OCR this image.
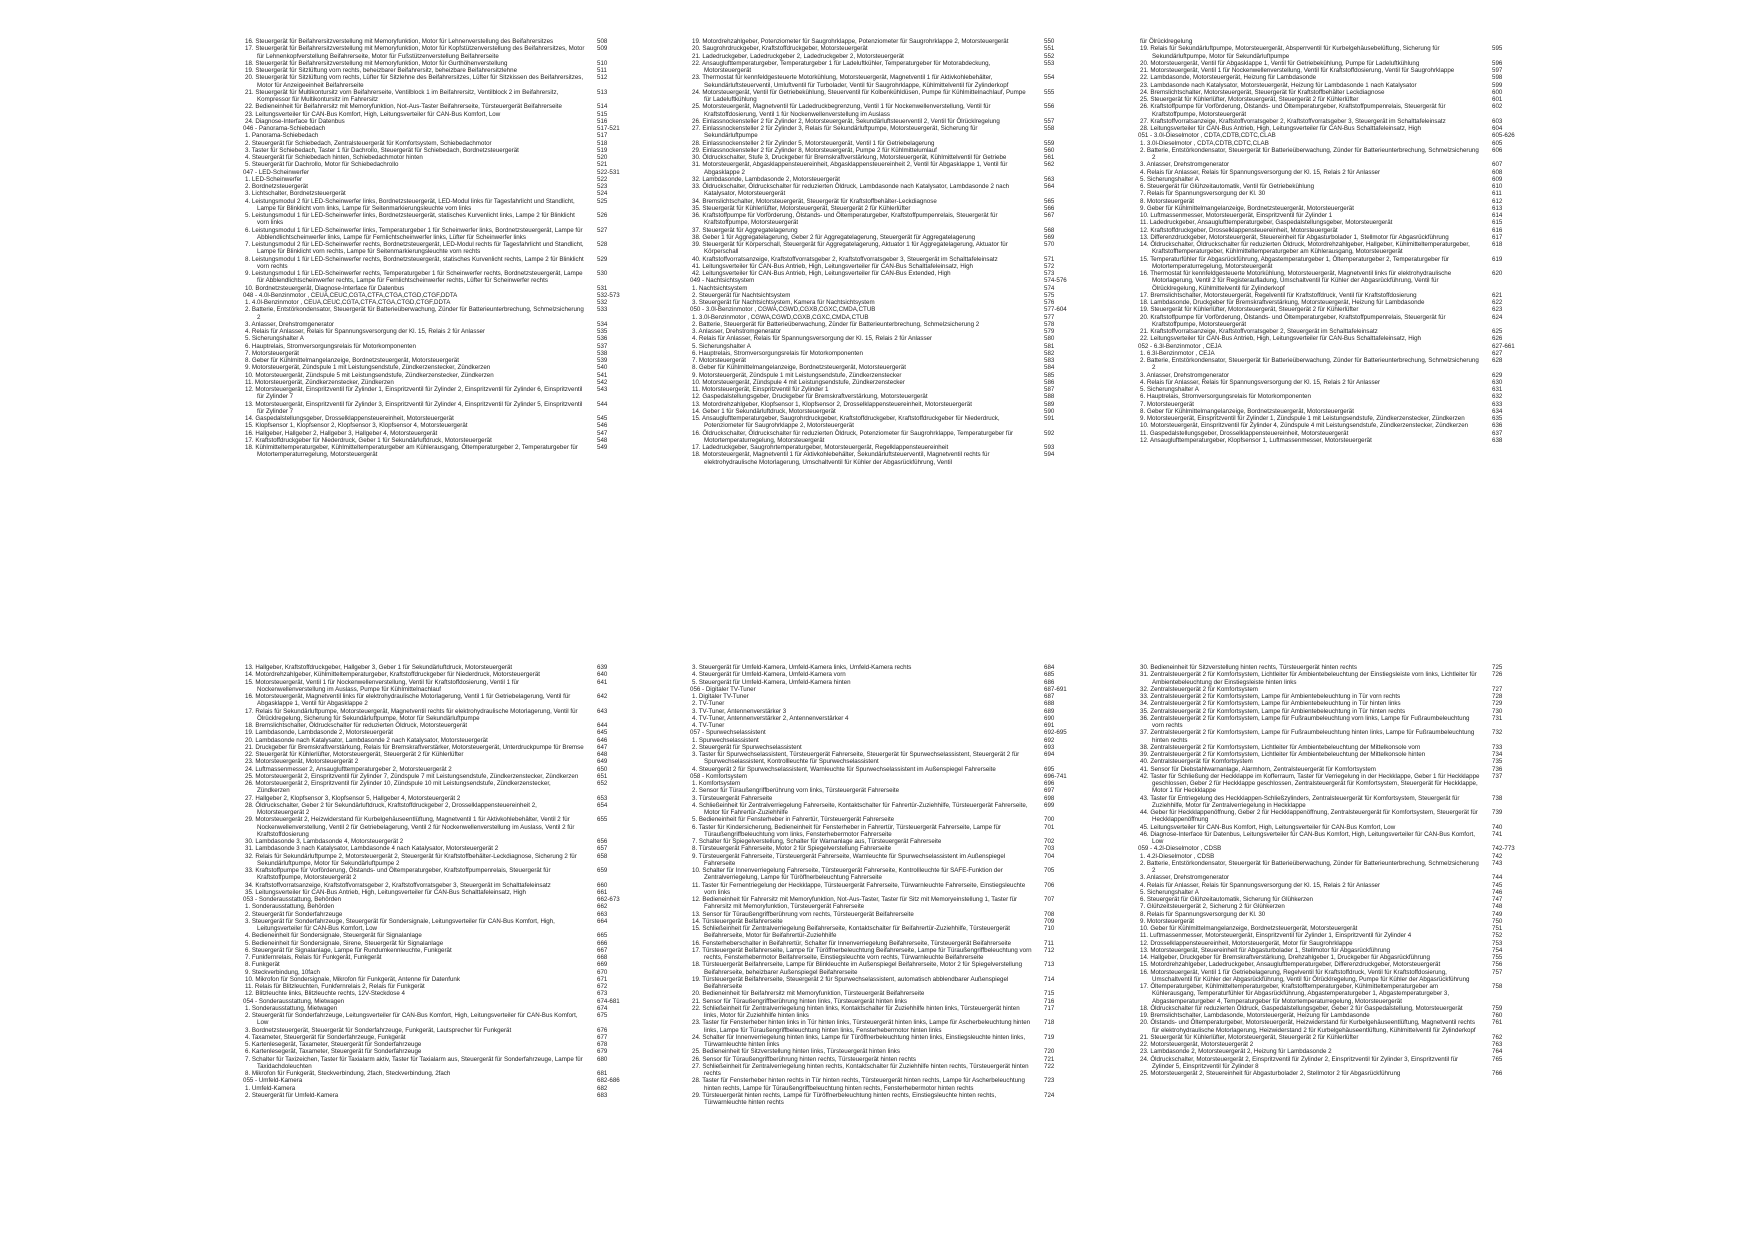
16. Steuergerät für Beifahrersitzverstellung mit Memoryfunktion, Motor für Lehnenverstellung des Beifahrersitzes	508
17. Steuergerät für Beifahrersitzverstellung mit Memoryfunktion, Motor für Kopfstützenverstellung des Beifahrersitzes, Motor für Lehnenkopfverstellung Beifahrerseite, Motor für Fußstützenverstellung Beifahrerseite
509
18. Steuergerät für Beifahrersitzverstellung mit Memoryfunktion, Motor für Gurthöhenverstellung	510
19. Steuergerät für Sitzlüftung vorn rechts, beheizbarer Beifahrersitz, beheizbare Beifahrersitzlehne	511
20. Steuergerät für Sitzlüftung vorn rechts, Lüfter für Sitzlehne des Beifahrersitzes, Lüfter für Sitzkissen des Beifahrersitzes, Motor für Anzeigeeinheit Beifahrerseite
512
21. Steuergerät für Multikontursitz vorn Beifahrerseite, Ventilblock 1 im Beifahrersitz, Ventilblock 2 im Beifahrersitz, Kompressor für Multikontursitz im Fahrersitz
513
22. Bedieneinheit für Beifahrersitz mit Memoryfunktion, Not-Aus-Taster Beifahrerseite, Türsteuergerät Beifahrerseite	514
23. Leitungsverteiler für CAN-Bus Komfort, High, Leitungsverteiler für CAN-Bus Komfort, Low	515
24. Diagnose-Interface für Datenbus	516
046 - Panorama-Schiebedach	517-521
1. Panorama-Schiebedach	517
2. Steuergerät für Schiebedach, Zentralsteuergerät für Komfortsystem, Schiebedachmotor	518
3. Taster für Schiebedach, Taster 1 für Dachrollo, Steuergerät für Schiebedach, Bordnetzsteuergerät	519
4. Steuergerät für Schiebedach hinten, Schiebedachmotor hinten	520
5. Steuergerät für Dachrollo, Motor für Schiebedachrollo	521
047 - LED-Scheinwerfer	522-531
1. LED-Scheinwerfer	522
2. Bordnetzsteuergerät	523
3. Lichtschalter, Bordnetzsteuergerät	524
4. Leistungsmodul 2 für LED-Scheinwerfer links, Bordnetzsteuergerät, LED-Modul links für Tagesfahrlicht und Standlicht, Lampe für Blinklicht vorn links, Lampe für Seitenmarkierungsleuchte vorn links
525
5. Leistungsmodul 1 für LED-Scheinwerfer links, Bordnetzsteuergerät, statisches Kurvenlicht links, Lampe 2 für Blinklicht vorn links
526
6. Leistungsmodul 1 für LED-Scheinwerfer links, Temperaturgeber 1 für Scheinwerfer links, Bordnetzsteuergerät, Lampe für Abblendlichtscheinwerfer links, Lampe für Fernlichtscheinwerfer links, Lüfter für Scheinwerfer links
527
7. Leistungsmodul 2 für LED-Scheinwerfer rechts, Bordnetzsteuergerät, LED-Modul rechts für Tagesfahrlicht und Standlicht, Lampe für Blinklicht vorn rechts, Lampe für Seitenmarkierungsleuchte vorn rechts
528
8. Leistungsmodul 1 für LED-Scheinwerfer rechts, Bordnetzsteuergerät, statisches Kurvenlicht rechts, Lampe 2 für Blinklicht vorn rechts
529
9. Leistungsmodul 1 für LED-Scheinwerfer rechts, Temperaturgeber 1 für Scheinwerfer rechts, Bordnetzsteuergerät, Lampe für Abblendlichtscheinwerfer rechts, Lampe für Fernlichtscheinwerfer rechts, Lüfter für Scheinwerfer rechts
530
10. Bordnetzsteuergerät, Diagnose-Interface für Datenbus	531
048 - 4.0l-Benzinmotor , CEUA,CEUC,CGTA,CTFA,CTGA,CTGD,CTGF,DDTA	532-573
1. 4.0l-Benzinmotor , CEUA,CEUC,CGTA,CTFA,CTGA,CTGD,CTGF,DDTA	532
2. Batterie, Entstörkondensator, Steuergerät für Batterieüberwachung, Zünder für Batterieunterbrechung, Schmelzsicherung 2
533
3. Anlasser, Drehstromgenerator	534
4. Relais für Anlasser, Relais für Spannungsversorgung der Kl. 15, Relais 2 für Anlasser	535
5. Sicherungshalter A	536
6. Hauptrelais, Stromversorgungsrelais für Motorkomponenten	537
7. Motorsteuergerät	538
8. Geber für Kühlmittelmangelanzeige, Bordnetzsteuergerät, Motorsteuergerät	539
9. Motorsteuergerät, Zündspule 1 mit Leistungsendstufe, Zündkerzenstecker, Zündkerzen	540
10. Motorsteuergerät, Zündspule 5 mit Leistungsendstufe, Zündkerzenstecker, Zündkerzen	541
11. Motorsteuergerät, Zündkerzenstecker, Zündkerzen	542
12. Motorsteuergerät, Einspritzventil für Zylinder 1, Einspritzventil für Zylinder 2, Einspritzventil für Zylinder 6, Einspritzventil für Zylinder 7
543
13. Motorsteuergerät, Einspritzventil für Zylinder 3, Einspritzventil für Zylinder 4, Einspritzventil für Zylinder 5, Einspritzventil für Zylinder 7
544
14. Gaspedalstellungsgeber, Drosselklappensteuereinheit, Motorsteuergerät	545
15. Klopfsensor 1, Klopfsensor 2, Klopfsensor 3, Klopfsensor 4, Motorsteuergerät	546
16. Hallgeber, Hallgeber 2, Hallgeber 3, Hallgeber 4, Motorsteuergerät	547
17. Kraftstoffdruckgeber für Niederdruck, Geber 1 für Sekundärluftdruck, Motorsteuergerät	548
18. Kühlmitteltemperaturgeber, Kühlmitteltemperaturgeber am Kühlerausgang, Öltemperaturgeber 2, Temperaturgeber für Motortemperaturregelung, Motorsteuergerät
549
19. Motordrehzahlgeber, Potenziometer für Saugrohrklappe, Potenziometer für Saugrohrklappe 2, Motorsteuergerät	550
20. Saugrohrdruckgeber, Kraftstoffdruckgeber, Motorsteuergerät	551
21. Ladedruckgeber, Ladedruckgeber 2, Ladedruckgeber 2, Motorsteuergerät	552
22. Ansauglufttemperaturgeber, Temperaturgeber 1 für Ladeluftkühler, Temperaturgeber für Motorabdeckung, Motorsteuergerät
553
23. Thermostat für kennfeldgesteuerte Motorkühlung, Motorsteuergerät, Magnetventil 1 für Aktivkohlebehälter, Sekundärluftsteuerventil, Umluftventil für Turbolader, Ventil für Saugrohrklappe, Kühlmittelventil für Zylinderkopf
554
24. Motorsteuergerät, Ventil für Getriebekühlung, Steuerventil für Kolbenkühldüsen, Pumpe für Kühlmittelnachlauf, Pumpe für Ladeluftkühlung
555
25. Motorsteuergerät, Magnetventil für Ladedruckbegrenzung, Ventil 1 für Nockenwellenverstellung, Ventil für Kraftstoffdosierung, Ventil 1 für Nockenwellenverstellung im Auslass
556
26. Einlassnockensteller 2 für Zylinder 2, Motorsteuergerät, Sekundärluftsteuerventil 2, Ventil für Ölrücklregelung	557
27. Einlassnockensteller 2 für Zylinder 3, Relais für Sekundärluftpumpe, Motorsteuergerät, Sicherung für Sekundärluftpumpe
558
28. Einlassnockensteller 2 für Zylinder 5, Motorsteuergerät, Ventil 1 für Getriebelagerung	559
29. Einlassnockensteller 2 für Zylinder 8, Motorsteuergerät, Pumpe 2 für Kühlmittelumlauf	560
30. Öldruckschalter, Stufe 3, Druckgeber für Bremskraftverstärkung, Motorsteuergerät, Kühlmittelventil für Getriebe	561
31. Motorsteuergerät, Abgasklappensteuereinheit, Abgasklappensteuereinheit 2, Ventil für Abgasklappe 1, Ventil für Abgasklappe 2
562
32. Lambdasonde, Lambdasonde 2, Motorsteuergerät	563
33. Öldruckschalter, Öldruckschalter für reduzierten Öldruck, Lambdasonde nach Katalysator, Lambdasonde 2 nach Katalysator, Motorsteuergerät
564
34. Bremslichtschalter, Motorsteuergerät, Steuergerät für Kraftstoffbehälter-Leckdiagnose	565
35. Steuergerät für Kühlerlüfter, Motorsteuergerät, Steuergerät 2 für Kühlerlüfter	566
36. Kraftstoffpumpe für Vorförderung, Ölstands- und Öltemperaturgeber, Kraftstoffpumpenrelais, Steuergerät für Kraftstoffpumpe, Motorsteuergerät
567
37. Steuergerät für Aggregatelagerung	568
38. Geber 1 für Aggregatelagerung, Geber 2 für Aggregatelagerung, Steuergerät für Aggregatelagerung	569
39. Steuergerät für Körperschall, Steuergerät für Aggregatelagerung, Aktuator 1 für Aggregatelagerung, Aktuator für Körperschall
570
40. Kraftstoffvorratsanzeige, Kraftstoffvorratsgeber 2, Kraftstoffvorratsgeber 3, Steuergerät im Schalttafeleinsatz	571
41. Leitungsverteiler für CAN-Bus Antrieb, High, Leitungsverteiler für CAN-Bus Schalttafeleinsatz, High	572
42. Leitungsverteiler für CAN-Bus Antrieb, High, Leitungsverteiler für CAN-Bus Extended, High	573
049 - Nachtsichtsystem	574-576
1. Nachtsichtsystem	574
2. Steuergerät für Nachtsichtsystem	575
3. Steuergerät für Nachtsichtsystem, Kamera für Nachtsichtsystem	576
050 - 3.0l-Benzinmotor , CGWA,CGWD,CGXB,CGXC,CMDA,CTUB	577-604
1. 3.0l-Benzinmotor , CGWA,CGWD,CGXB,CGXC,CMDA,CTUB	577
2. Batterie, Steuergerät für Batterieüberwachung, Zünder für Batterieunterbrechung, Schmelzsicherung 2	578
3. Anlasser, Drehstromgenerator	579
4. Relais für Anlasser, Relais für Spannungsversorgung der Kl. 15, Relais 2 für Anlasser	580
5. Sicherungshalter A	581
6. Hauptrelais, Stromversorgungsrelais für Motorkomponenten	582
7. Motorsteuergerät	583
8. Geber für Kühlmittelmangelanzeige, Bordnetzsteuergerät, Motorsteuergerät	584
9. Motorsteuergerät, Zündspule 1 mit Leistungsendstufe, Zündkerzenstecker	585
10. Motorsteuergerät, Zündspule 4 mit Leistungsendstufe, Zündkerzenstecker	586
11. Motorsteuergerät, Einspritzventil für Zylinder 1	587
12. Gaspedalstellungsgeber, Druckgeber für Bremskraftverstärkung, Motorsteuergerät	588
13. Motordrehzahlgeber, Klopfsensor 1, Klopfsensor 2, Drosselklappensteuereinheit, Motorsteuergerät	589
14. Geber 1 für Sekundärluftdruck, Motorsteuergerät	590
15. Ansauglufttemperaturgeber, Saugrohrdruckgeber, Kraftstoffdruckgeber, Kraftstoffdruckgeber für Niederdruck, Potenziometer für Saugrohrklappe 2, Motorsteuergerät
591
16. Öldruckschalter, Öldruckschalter für reduzierten Öldruck, Potenziometer für Saugrohrklappe, Temperaturgeber für Motortemperaturregelung, Motorsteuergerät
592
17. Ladedruckgeber, Saugrohrtemperaturgeber, Motorsteuergerät, Regelklappensteuereinheit	593
18. Motorsteuergerät, Magnetventil 1 für Aktivkohlebehälter, Sekundärluftsteuerventil, Magnetventil rechts für elektrohydraulische Motorlagerung, Umschaltventil für Kühler der Abgasrückführung, Ventil
594
für Ölrücklregelung
19. Relais für Sekundärluftpumpe, Motorsteuergerät, Absperrventil für Kurbelgehäusebelüftung, Sicherung für Sekundärluftpumpe, Motor für Sekundärluftpumpe
595
20. Motorsteuergerät, Ventil für Abgasklappe 1, Ventil für Getriebekühlung, Pumpe für Ladeluftkühlung	596
21. Motorsteuergerät, Ventil 1 für Nockenwellenverstellung, Ventil für Kraftstoffdosierung, Ventil für Saugrohrklappe	597
22. Lambdasonde, Motorsteuergerät, Heizung für Lambdasonde	598
23. Lambdasonde nach Katalysator, Motorsteuergerät, Heizung für Lambdasonde 1 nach Katalysator	599
24. Bremslichtschalter, Motorsteuergerät, Steuergerät für Kraftstoffbehälter Leckdiagnose	600
25. Steuergerät für Kühlerlüfter, Motorsteuergerät, Steuergerät 2 für Kühlerlüfter	601
26. Kraftstoffpumpe für Vorförderung, Ölstands- und Öltemperaturgeber, Kraftstoffpumpenrelais, Steuergerät für Kraftstoffpumpe, Motorsteuergerät
602
27. Kraftstoffvorratsanzeige, Kraftstoffvorratsgeber 2, Kraftstoffvorratsgeber 3, Steuergerät im Schalttafeleinsatz	603
28. Leitungsverteiler für CAN-Bus Antrieb, High, Leitungsverteiler für CAN-Bus Schalttafeleinsatz, High	604
051 - 3.0l-Dieselmotor , CDTA,CDTB,CDTC,CLAB	605-626
1. 3.0l-Dieselmotor , CDTA,CDTB,CDTC,CLAB	605
2. Batterie, Entstörkondensator, Steuergerät für Batterieüberwachung, Zünder für Batterieunterbrechung, Schmelzsicherung 2
606
3. Anlasser, Drehstromgenerator	607
4. Relais für Anlasser, Relais für Spannungsversorgung der Kl. 15, Relais 2 für Anlasser	608
5. Sicherungshalter A	609
6. Steuergerät für Glühzeitautomatik, Ventil für Getriebekühlung	610
7. Relais für Spannungsversorgung der Kl. 30	611
8. Motorsteuergerät	612
9. Geber für Kühlmittelmangelanzeige, Bordnetzsteuergerät, Motorsteuergerät	613
10. Luftmassenmesser, Motorsteuergerät, Einspritzventil für Zylinder 1	614
11. Ladedruckgeber, Ansauglufttemperaturgeber, Gaspedalstellungsgeber, Motorsteuergerät	615
12. Kraftstoffdruckgeber, Drosselklappensteuereinheit, Motorsteuergerät	616
13. Differenzdruckgeber, Motorsteuergerät, Steuereinheit für Abgasturbolader 1, Stellmotor für Abgasrückführung	617
14. Öldruckschalter, Öldruckschalter für reduzierten Öldruck, Motordrehzahlgeber, Hallgeber, Kühlmitteltemperaturgeber, Kraftstofftemperaturgeber, Kühlmitteltemperaturgeber am Kühlerausgang, Motorsteuergerät
618
15. Temperaturfühler für Abgasrückführung, Abgastemperaturgeber 1, Öltemperaturgeber 2, Temperaturgeber für Motortemperaturregelung, Motorsteuergerät
619
16. Thermostat für kennfeldgesteuerte Motorkühlung, Motorsteuergerät, Magnetventil links für elektrohydraulische Motorlagerung, Ventil 2 für Registeraufladung, Umschaltventil für Kühler der Abgasrückführung, Ventil für Ölrücklregelung, Kühlmittelventil für Zylinderkopf
620
17. Bremslichtschalter, Motorsteuergerät, Regelventil für Kraftstoffdruck, Ventil für Kraftstoffdosierung	621
18. Lambdasonde, Druckgeber für Bremskraftverstärkung, Motorsteuergerät, Heizung für Lambdasonde	622
19. Steuergerät für Kühlerlüfter, Motorsteuergerät, Steuergerät 2 für Kühlerlüfter	623
20. Kraftstoffpumpe für Vorförderung, Ölstands- und Öltemperaturgeber, Kraftstoffpumpenrelais, Steuergerät für Kraftstoffpumpe, Motorsteuergerät
624
21. Kraftstoffvorratsanzeige, Kraftstoffvorratsgeber 2, Steuergerät im Schalttafeleinsatz	625
22. Leitungsverteiler für CAN-Bus Antrieb, High, Leitungsverteiler für CAN-Bus Schalttafeleinsatz, High	626
052 - 6.3l-Benzinmotor , CEJA	627-661
1. 6.3l-Benzinmotor , CEJA	627
2. Batterie, Entstörkondensator, Steuergerät für Batterieüberwachung, Zünder für Batterieunterbrechung, Schmelzsicherung 2
628
3. Anlasser, Drehstromgenerator	629
4. Relais für Anlasser, Relais für Spannungsversorgung der Kl. 15, Relais 2 für Anlasser	630
5. Sicherungshalter A	631
6. Hauptrelais, Stromversorgungsrelais für Motorkomponenten	632
7. Motorsteuergerät	633
8. Geber für Kühlmittelmangelanzeige, Bordnetzsteuergerät, Motorsteuergerät	634
9. Motorsteuergerät, Einspritzventil für Zylinder 1, Zündspule 1 mit Leistungsendstufe, Zündkerzenstecker, Zündkerzen	635
10. Motorsteuergerät, Einspritzventil für Zylinder 4, Zündspule 4 mit Leistungsendstufe, Zündkerzenstecker, Zündkerzen	636
11. Gaspedalstellungsgeber, Drosselklappensteuereinheit, Motorsteuergerät	637
12. Ansauglufttemperaturgeber, Klopfsensor 1, Luftmassenmesser, Motorsteuergerät	638
13. Hallgeber, Kraftstoffdruckgeber, Hallgeber 3, Geber 1 für Sekundärluftdruck, Motorsteuergerät	639
14. Motordrehzahlgeber, Kühlmitteltemperaturgeber, Kraftstoffdruckgeber für Niederdruck, Motorsteuergerät	640
15. Motorsteuergerät, Ventil 1 für Nockenwellenverstellung, Ventil für Kraftstoffdosierung, Ventil 1 für Nockenwellenverstellung im Auslass, Pumpe für Kühlmittelnachlauf
641
16. Motorsteuergerät, Magnetventil links für elektrohydraulische Motorlagerung, Ventil 1 für Getriebelagerung, Ventil für Abgasklappe 1, Ventil für Abgasklappe 2
642
17. Relais für Sekundärluftpumpe, Motorsteuergerät, Magnetventil rechts für elektrohydraulische Motorlagerung, Ventil für Ölrücklregelung, Sicherung für Sekundärluftpumpe, Motor für Sekundärluftpumpe
643
18. Bremslichtschalter, Öldruckschalter für reduzierten Öldruck, Motorsteuergerät	644
19. Lambdasonde, Lambdasonde 2, Motorsteuergerät	645
20. Lambdasonde nach Katalysator, Lambdasonde 2 nach Katalysator, Motorsteuergerät	646
21. Druckgeber für Bremskraftverstärkung, Relais für Bremskraftverstärker, Motorsteuergerät, Unterdruckpumpe für Bremse 647
22. Steuergerät für Kühlerlüfter, Motorsteuergerät, Steuergerät 2 für Kühlerlüfter	648
23. Motorsteuergerät, Motorsteuergerät 2	649
24. Luftmassenmesser 2, Ansauglufttemperaturgeber 2, Motorsteuergerät 2	650
25. Motorsteuergerät 2, Einspritzventil für Zylinder 7, Zündspule 7 mit Leistungsendstufe, Zündkerzenstecker, Zündkerzen	651
26. Motorsteuergerät 2, Einspritzventil für Zylinder 10, Zündspule 10 mit Leistungsendstufe, Zündkerzenstecker, Zündkerzen
652
27. Hallgeber 2, Klopfsensor 3, Klopfsensor 5, Hallgeber 4, Motorsteuergerät 2	653
28. Öldruckschalter, Geber 2 für Sekundärluftdruck, Kraftstoffdruckgeber 2, Drosselklappensteuereinheit 2, Motorsteuergerät 2
654
29. Motorsteuergerät 2, Heizwiderstand für Kurbelgehäuseentlüftung, Magnetventil 1 für Aktivkohlebehälter, Ventil 2 für Nockenwellenverstellung, Ventil 2 für Getriebelagerung, Ventil 2 für Nockenwellenverstellung im Auslass, Ventil 2 für Kraftstoffdosierung
655
30. Lambdasonde 3, Lambdasonde 4, Motorsteuergerät 2	656
31. Lambdasonde 3 nach Katalysator, Lambdasonde 4 nach Katalysator, Motorsteuergerät 2	657
32. Relais für Sekundärluftpumpe 2, Motorsteuergerät 2, Steuergerät für Kraftstoffbehälter-Leckdiagnose, Sicherung 2 für Sekundärluftpumpe, Motor für Sekundärluftpumpe 2
658
33. Kraftstoffpumpe für Vorförderung, Ölstands- und Öltemperaturgeber, Kraftstoffpumpenrelais, Steuergerät für Kraftstoffpumpe, Motorsteuergerät 2
659
34. Kraftstoffvorratsanzeige, Kraftstoffvorratsgeber 2, Kraftstoffvorratsgeber 3, Steuergerät im Schalttafeleinsatz	660
35. Leitungsverteiler für CAN-Bus Antrieb, High, Leitungsverteiler für CAN-Bus Schalttafeleinsatz, High	661
053 - Sonderausstattung, Behörden	662-673
1. Sonderausstattung, Behörden	662
2. Steuergerät für Sonderfahrzeuge	663
3. Steuergerät für Sonderfahrzeuge, Steuergerät für Sondersignale, Leitungsverteiler für CAN-Bus Komfort, High, Leitungsverteiler für CAN-Bus Komfort, Low
664
4. Bedieneinheit für Sondersignale, Steuergerät für Signalanlage	665
5. Bedieneinheit für Sondersignale, Sirene, Steuergerät für Signalanlage	666
6. Steuergerät für Signalanlage, Lampe für Rundumkennleuchte, Funkgerät	667
7. Funkfernrelais, Relais für Funkgerät, Funkgerät	668
8. Funkgerät	669
9. Steckverbindung, 10fach	670
10. Mikrofon für Sondersignale, Mikrofon für Funkgerät, Antenne für Datenfunk	671
11. Relais für Blitzleuchten, Funkfernrelais 2, Relais für Funkgerät	672
12. Blitzleuchte links, Blitzleuchte rechts, 12V-Steckdose 4	673
054 - Sonderausstattung, Mietwagen	674-681
1. Sonderausstattung, Mietwagen	674
2. Steuergerät für Sonderfahrzeuge, Leitungsverteiler für CAN-Bus Komfort, High, Leitungsverteiler für CAN-Bus Komfort, Low
675
3. Bordnetzsteuergerät, Steuergerät für Sonderfahrzeuge, Funkgerät, Lautsprecher für Funkgerät	676
4. Taxameter, Steuergerät für Sonderfahrzeuge, Funkgerät	677
5. Kartenlesegerät, Taxameter, Steuergerät für Sonderfahrzeuge	678
6. Kartenlesegerät, Taxameter, Steuergerät für Sonderfahrzeuge	679
7. Schalter für Taxizeichen, Taster für Taxialarm aktiv, Taster für Taxialarm aus, Steuergerät für Sonderfahrzeuge, Lampe für Taxidachdoleuchten
680
8. Mikrofon für Funkgerät, Steckverbindung, 2fach, Steckverbindung, 2fach	681
055 - Umfeld-Kamera	682-686
1. Umfeld-Kamera	682
2. Steuergerät für Umfeld-Kamera	683
3. Steuergerät für Umfeld-Kamera, Umfeld-Kamera links, Umfeld-Kamera rechts	684
4. Steuergerät für Umfeld-Kamera, Umfeld-Kamera vorn	685
5. Steuergerät für Umfeld-Kamera, Umfeld-Kamera hinten	686
056 - Digitaler TV-Tuner	687-691
1. Digitaler TV-Tuner	687
2. TV-Tuner	688
3. TV-Tuner, Antennenverstärker 3	689
4. TV-Tuner, Antennenverstärker 2, Antennenverstärker 4	690
4. TV-Tuner	691
057 - Spurwechselassistent	692-695
1. Spurwechselassistent	692
2. Steuergerät für Spurwechselassistent	693
3. Taster für Spurwechselassistent, Türsteuergerät Fahrerseite, Steuergerät für Spurwechselassistent, Steuergerät 2 für Spurwechselassistent, Kontrollleuchte für Spurwechselassistent
694
4. Steuergerät 2 für Spurwechselassistent, Warnleuchte für Spurwechselassistent im Außenspiegel Fahrerseite	695
058 - Komfortsystem	696-741
1. Komfortsystem	696
2. Sensor für Türaußengriffberührung vorn links, Türsteuergerät Fahrerseite	697
3. Türsteuergerät Fahrerseite	698
4. Schließeinheit für Zentralverriegelung Fahrerseite, Kontaktschalter für Fahrertür-Zuziehhilfe, Türsteuergerät Fahrerseite, Motor für Fahrertür-Zuziehhilfe
699
5. Bedieneinheit für Fensterheber in Fahrertür, Türsteuergerät Fahrerseite	700
6. Taster für Kindersicherung, Bedieneinheit für Fensterheber in Fahrertür, Türsteuergerät Fahrerseite, Lampe für Türaußengriffbeleuchtung vorn links, Fensterhebermotor Fahrerseite
701
7. Schalter für Spiegelverstellung, Schalter für Warnanlage aus, Türsteuergerät Fahrerseite	702
8. Türsteuergerät Fahrerseite, Motor 2 für Spiegelverstellung Fahrerseite	703
9. Türsteuergerät Fahrerseite, Türsteuergerät Fahrerseite, Warnleuchte für Spurwechselassistent im Außenspiegel Fahrerseite
704
10. Schalter für Innenverriegelung Fahrerseite, Türsteuergerät Fahrerseite, Kontrollleuchte für SAFE-Funktion der Zentralverriegelung, Lampe für Türöffnerbeleuchtung Fahrerseite
705
11. Taster für Fernentriegelung der Heckklappe, Türsteuergerät Fahrerseite, Türwarnleuchte Fahrerseite, Einstiegsleuchte vorn links
706
12. Bedieneinheit für Fahrersitz mit Memoryfunktion, Not-Aus-Taster, Taster für Sitz mit Memoryeinstellung 1, Taster für Fahrersitz mit Memoryfunktion, Türsteuergerät Fahrerseite
707
13. Sensor für Türaußengriffberührung vorn rechts, Türsteuergerät Beifahrerseite	708
14. Türsteuergerät Beifahrerseite	709
15. Schließeinheit für Zentralverriegelung Beifahrerseite, Kontaktschalter für Beifahrertür-Zuziehhilfe, Türsteuergerät Beifahrerseite, Motor für Beifahrertür-Zuziehhilfe
710
16. Fensterheberschalter in Beifahrertür, Schalter für Innenverriegelung Beifahrerseite, Türsteuergerät Beifahrerseite	711
17. Türsteuergerät Beifahrerseite, Lampe für Türöffnerbeleuchtung Beifahrerseite, Lampe für Türaußengriffbeleuchtung vorn rechts, Fensterhebermotor Beifahrerseite, Einstiegsleuchte vorn rechts, Türwarnleuchte Beifahrerseite
712
18. Türsteuergerät Beifahrerseite, Lampe für Blinkleuchte im Außenspiegel Beifahrerseite, Motor 2 für Spiegelverstellung Beifahrerseite, beheizbarer Außenspiegel Beifahrerseite
713
19. Türsteuergerät Beifahrerseite, Steuergerät 2 für Spurwechselassistent, automatisch abblendbarer Außenspiegel Beifahrerseite
714
20. Bedieneinheit für Beifahrersitz mit Memoryfunktion, Türsteuergerät Beifahrerseite	715
21. Sensor für Türaußengriffberührung hinten links, Türsteuergerät hinten links	716
22. Schließeinheit für Zentralverriegelung hinten links, Kontaktschalter für Zuziehhilfe hinten links, Türsteuergerät hinten links, Motor für Zuziehhilfe hinten links
717
23. Taster für Fensterheber hinten links in Tür hinten links, Türsteuergerät hinten links, Lampe für Ascherbeleuchtung hinten links, Lampe für Türaußengriffbeleuchtung hinten links, Fensterhebermotor hinten links
718
24. Schalter für Innenverriegelung hinten links, Lampe für Türöffnerbeleuchtung hinten links, Einstiegsleuchte hinten links, Türwarnleuchte hinten links
719
25. Bedieneinheit für Sitzverstellung hinten links, Türsteuergerät hinten links	720
26. Sensor für Türaußengriffberührung hinten rechts, Türsteuergerät hinten rechts	721
27. Schließeinheit für Zentralverriegelung hinten rechts, Kontaktschalter für Zuziehhilfe hinten rechts, Türsteuergerät hinten rechts
722
28. Taster für Fensterheber hinten rechts in Tür hinten rechts, Türsteuergerät hinten rechts, Lampe für Ascherbeleuchtung hinten rechts, Lampe für Türaußengriffbeleuchtung hinten rechts, Fensterhebermotor hinten rechts
723
29. Türsteuergerät hinten rechts, Lampe für Türöffnerbeleuchtung hinten rechts, Einstiegsleuchte hinten rechts, Türwarnleuchte hinten rechts
724
30. Bedieneinheit für Sitzverstellung hinten rechts, Türsteuergerät hinten rechts	725
31. Zentralsteuergerät 2 für Komfortsystem, Lichtleiter für Ambientebeleuchtung der Einstiegsleiste vorn links, Lichtleiter für Ambientebeleuchtung der Einstiegsleiste hinten links
726
32. Zentralsteuergerät 2 für Komfortsystem	727
33. Zentralsteuergerät 2 für Komfortsystem, Lampe für Ambientebeleuchtung in Tür vorn rechts	728
34. Zentralsteuergerät 2 für Komfortsystem, Lampe für Ambientebeleuchtung in Tür hinten links	729
35. Zentralsteuergerät 2 für Komfortsystem, Lampe für Ambientebeleuchtung in Tür hinten rechts	730
36. Zentralsteuergerät 2 für Komfortsystem, Lampe für Fußraumbeleuchtung vorn links, Lampe für Fußraumbeleuchtung vorn rechts
731
37. Zentralsteuergerät 2 für Komfortsystem, Lampe für Fußraumbeleuchtung hinten links, Lampe für Fußraumbeleuchtung hinten rechts
732
38. Zentralsteuergerät 2 für Komfortsystem, Lichtleiter für Ambientebeleuchtung der Mittelkonsole vorn	733
39. Zentralsteuergerät 2 für Komfortsystem, Lichtleiter für Ambientebeleuchtung der Mittelkonsole hinten	734
40. Zentralsteuergerät für Komfortsystem	735
41. Sensor für Diebstahlwarnanlage, Alarmhorn, Zentralsteuergerät für Komfortsystem	736
42. Taster für Schließung der Heckklappe im Kofferraum, Taster für Verriegelung in der Heckklappe, Geber 1 für Heckklappe geschlossen, Geber 2 für Heckklappe geschlossen, Zentralsteuergerät für Komfortsystem, Steuergerät für Heckklappe, Motor 1 für Heckklappe
737
43. Taster für Entriegelung des Heckklappen-Schließzylinders, Zentralsteuergerät für Komfortsystem, Steuergerät für Zuziehhilfe, Motor für Zentralverriegelung in Heckklappe
738
44. Geber für Heckklappenöffnung, Geber 2 für Heckklappenöffnung, Zentralsteuergerät für Komfortsystem, Steuergerät für Heckklappenöffnung
739
45. Leitungsverteiler für CAN-Bus Komfort, High, Leitungsverteiler für CAN-Bus Komfort, Low	740
46. Diagnose-Interface für Datenbus, Leitungsverteiler für CAN-Bus Komfort, High, Leitungsverteiler für CAN-Bus Komfort, Low
741
059 - 4.2l-Dieselmotor , CDSB	742-773
1. 4.2l-Dieselmotor , CDSB	742
2. Batterie, Entstörkondensator, Steuergerät für Batterieüberwachung, Zünder für Batterieunterbrechung, Schmelzsicherung 2
743
3. Anlasser, Drehstromgenerator	744
4. Relais für Anlasser, Relais für Spannungsversorgung der Kl. 15, Relais 2 für Anlasser	745
5. Sicherungshalter A	746
6. Steuergerät für Glühzeitautomatik, Sicherung für Glühkerzen	747
7. Glühzeitsteuergerät 2, Sicherung 2 für Glühkerzen	748
8. Relais für Spannungsversorgung der Kl. 30	749
9. Motorsteuergerät	750
10. Geber für Kühlmittelmangelanzeige, Bordnetzsteuergerät, Motorsteuergerät	751
11. Luftmassenmesser, Motorsteuergerät, Einspritzventil für Zylinder 1, Einspritzventil für Zylinder 4	752
12. Drosselklappensteuereinheit, Motorsteuergerät, Motor für Saugrohrklappe	753
13. Motorsteuergerät, Steuereinheit für Abgasturbolader 1, Stellmotor für Abgasrückführung	754
14. Hallgeber, Druckgeber für Bremskraftverstärkung, Drehzahlgeber 1, Druckgeber für Abgasrückführung	755
15. Motordrehzahlgeber, Ladedruckgeber, Ansauglufttemperaturgeber, Differenzdruckgeber, Motorsteuergerät	756
16. Motorsteuergerät, Ventil 1 für Getriebelagerung, Regelventil für Kraftstoffdruck, Ventil für Kraftstoffdosierung, Umschaltventil für Kühler der Abgasrückführung, Ventil für Ölrücklregelung, Pumpe für Kühler der Abgasrückführung
757
17. Öltemperaturgeber, Kühlmitteltemperaturgeber, Kraftstofftemperaturgeber, Kühlmitteltemperaturgeber am Kühlerausgang, Temperaturfühler für Abgasrückführung, Abgastemperaturgeber 1, Abgastemperaturgeber 3, Abgastemperaturgeber 4, Temperaturgeber für Motortemperaturregelung, Motorsteuergerät
758
18. Öldruckschalter für reduzierten Öldruck, Gaspedalstellungsgeber, Geber 2 für Gaspedalstellung, Motorsteuergerät	759
19. Bremslichtschalter, Lambdasonde, Motorsteuergerät, Heizung für Lambdasonde	760
20. Ölstands- und Öltemperaturgeber, Motorsteuergerät, Heizwiderstand für Kurbelgehäuseentlüftung, Magnetventil rechts für elektrohydraulische Motorlagerung, Heizwiderstand 2 für Kurbelgehäuseentlüftung, Kühlmittelventil für Zylinderkopf
761
21. Steuergerät für Kühlerlüfter, Motorsteuergerät, Steuergerät 2 für Kühlerlüfter	762
22. Motorsteuergerät, Motorsteuergerät 2	763
23. Lambdasonde 2, Motorsteuergerät 2, Heizung für Lambdasonde 2	764
24. Öldruckschalter, Motorsteuergerät 2, Einspritzventil für Zylinder 2, Einspritzventil für Zylinder 3, Einspritzventil für Zylinder 5, Einspritzventil für Zylinder 8
765
25. Motorsteuergerät 2, Steuereinheit für Abgasturbolader 2, Stellmotor 2 für Abgasrückführung	766
